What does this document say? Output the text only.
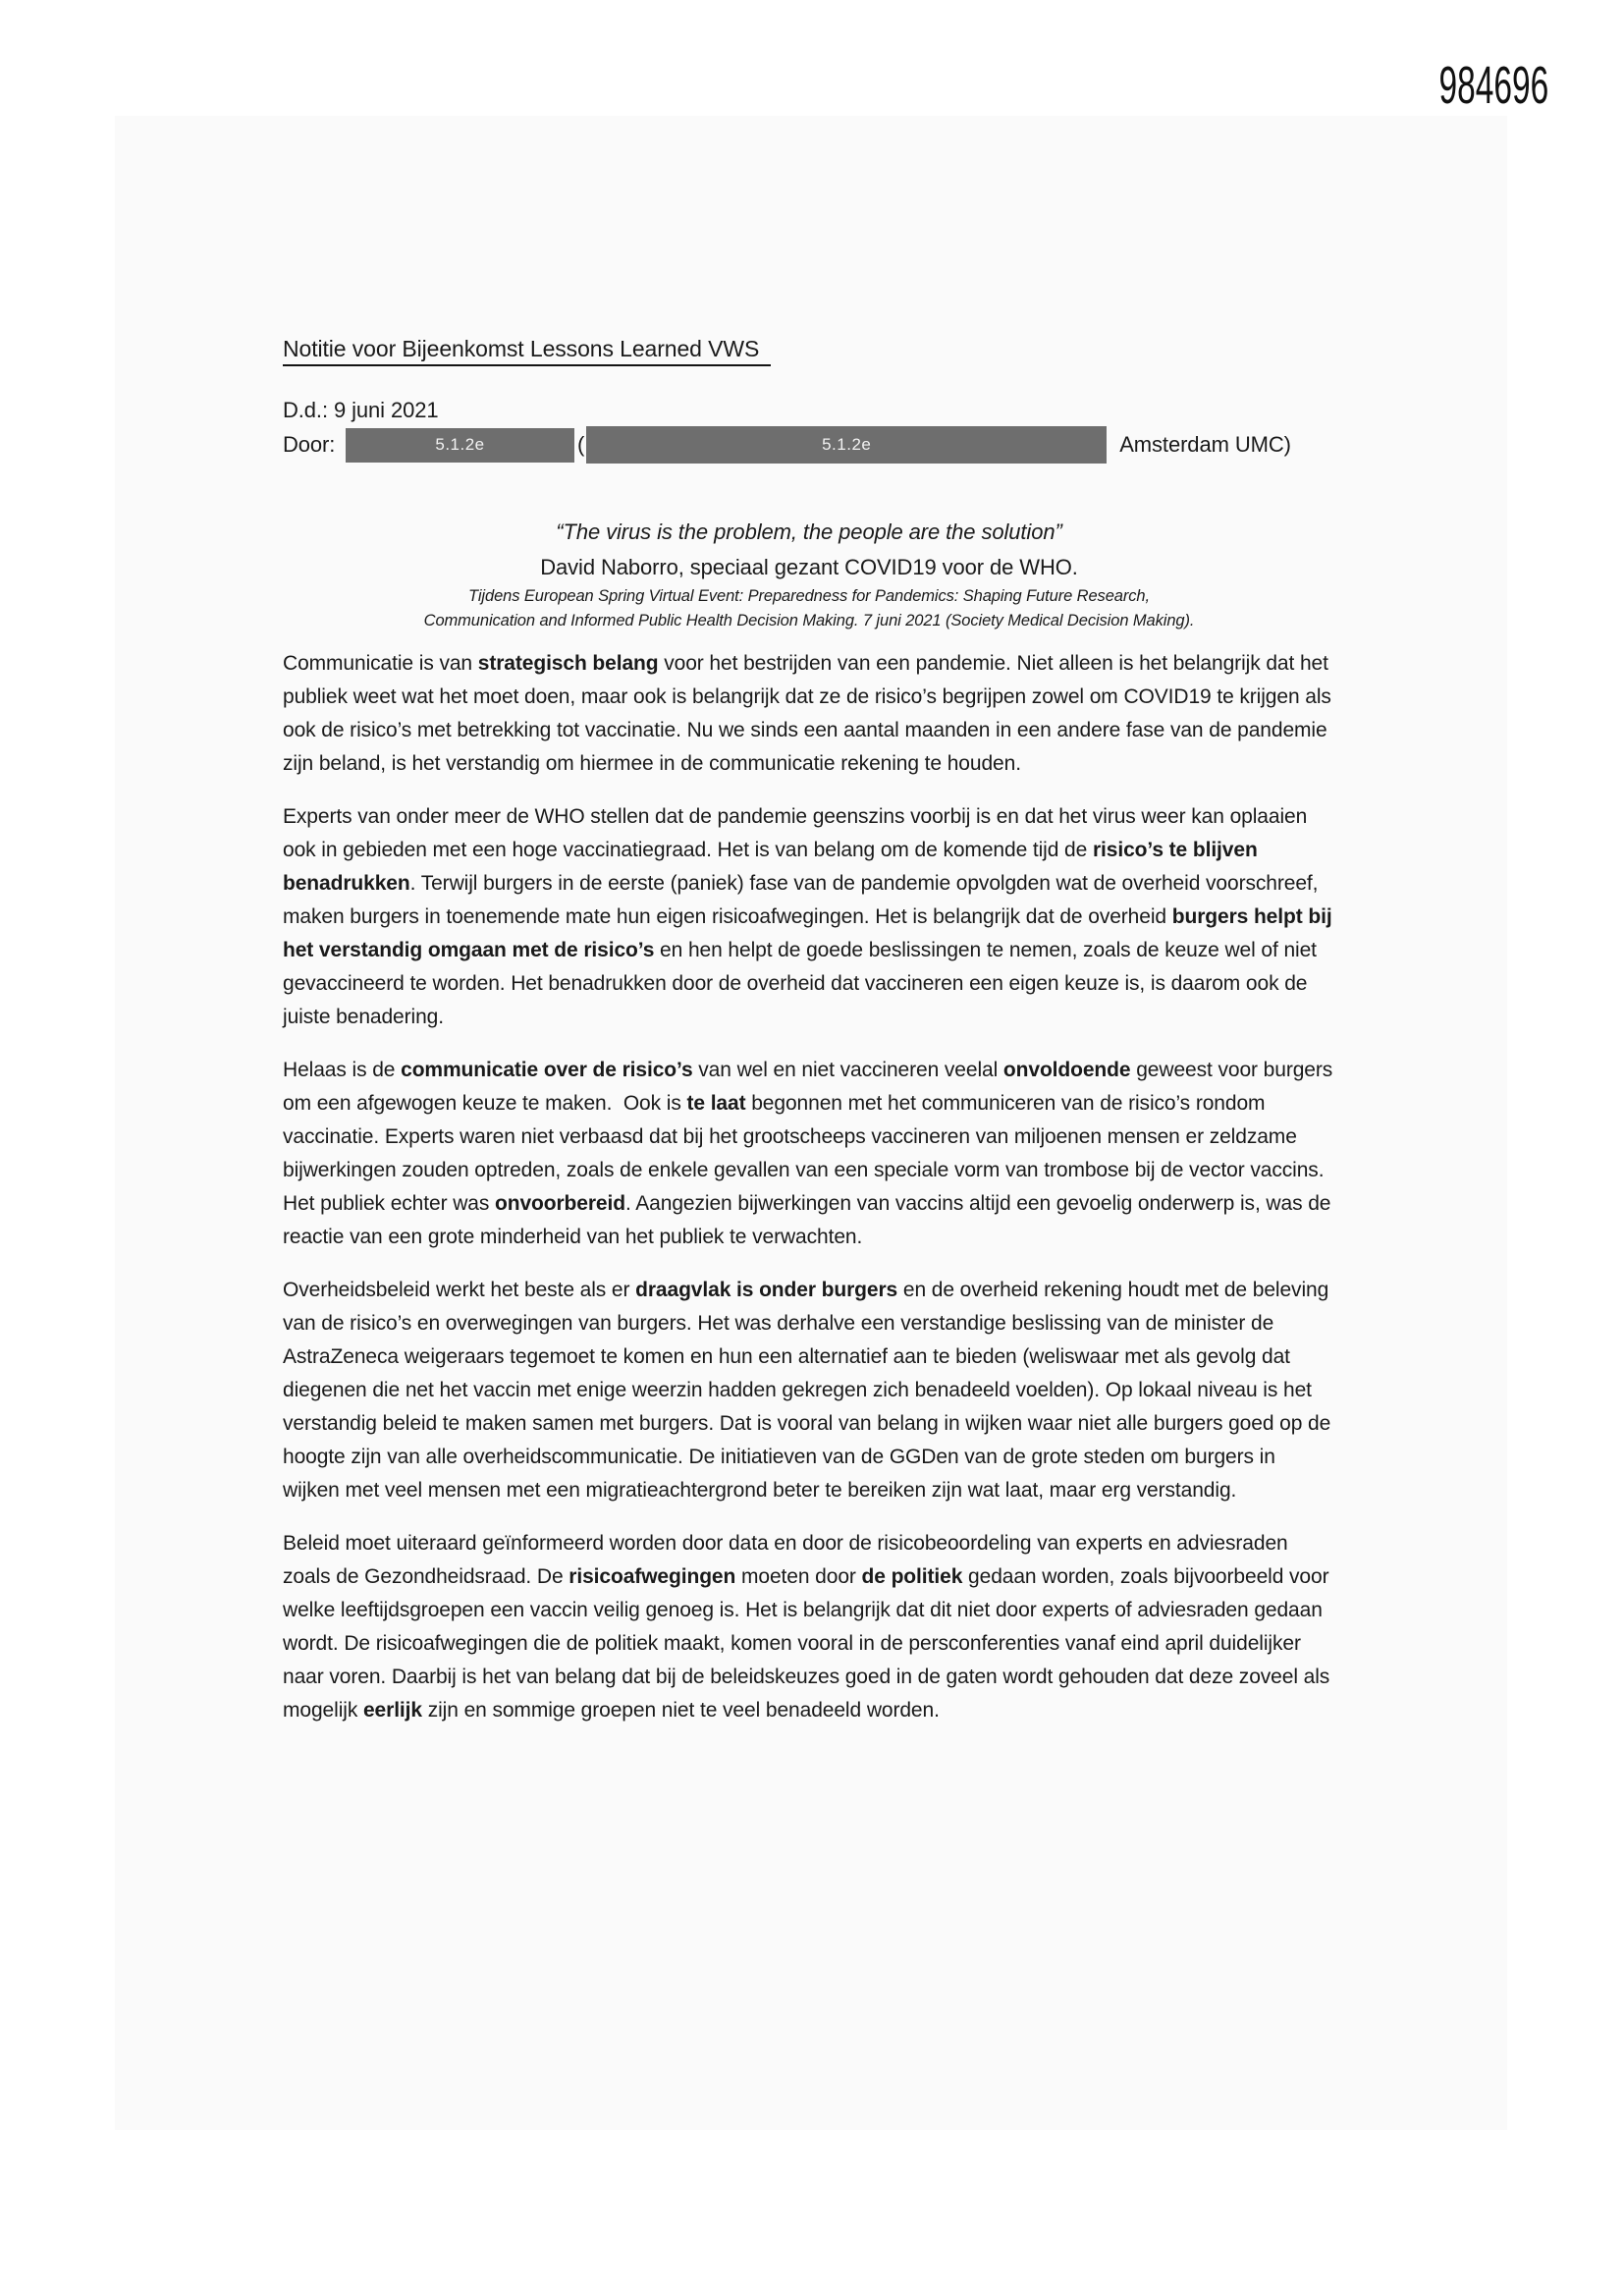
984696
Notitie voor Bijeenkomst Lessons Learned VWS
D.d.: 9 juni 2021
Door:	5.1.2e	(	5.1.2e	Amsterdam UMC)
“The virus is the problem, the people are the solution”
David Naborro, speciaal gezant COVID19 voor de WHO.
Tijdens European Spring Virtual Event: Preparedness for Pandemics: Shaping Future Research,
Communication and Informed Public Health Decision Making. 7 juni 2021 (Society Medical Decision Making).

Communicatie is van strategisch belang voor het bestrijden van een pandemie. Niet alleen is het belangrijk dat het publiek weet wat het moet doen, maar ook is belangrijk dat ze de risico’s begrijpen zowel om COVID19 te krijgen als ook de risico’s met betrekking tot vaccinatie. Nu we sinds een aantal maanden in een andere fase van de pandemie zijn beland, is het verstandig om hiermee in de communicatie rekening te houden.

Experts van onder meer de WHO stellen dat de pandemie geenszins voorbij is en dat het virus weer kan oplaaien ook in gebieden met een hoge vaccinatiegraad. Het is van belang om de komende tijd de risico’s te blijven benadrukken. Terwijl burgers in de eerste (paniek) fase van de pandemie opvolgden wat de overheid voorschreef, maken burgers in toenemende mate hun eigen risicoafwegingen. Het is belangrijk dat de overheid burgers helpt bij het verstandig omgaan met de risico’s en hen helpt de goede beslissingen te nemen, zoals de keuze wel of niet gevaccineerd te worden. Het benadrukken door de overheid dat vaccineren een eigen keuze is, is daarom ook de juiste benadering.

Helaas is de communicatie over de risico’s van wel en niet vaccineren veelal onvoldoende geweest voor burgers om een afgewogen keuze te maken.  Ook is te laat begonnen met het communiceren van de risico’s rondom vaccinatie. Experts waren niet verbaasd dat bij het grootscheeps vaccineren van miljoenen mensen er zeldzame bijwerkingen zouden optreden, zoals de enkele gevallen van een speciale vorm van trombose bij de vector vaccins. Het publiek echter was onvoorbereid. Aangezien bijwerkingen van vaccins altijd een gevoelig onderwerp is, was de reactie van een grote minderheid van het publiek te verwachten.

Overheidsbeleid werkt het beste als er draagvlak is onder burgers en de overheid rekening houdt met de beleving van de risico’s en overwegingen van burgers. Het was derhalve een verstandige beslissing van de minister de AstraZeneca weigeraars tegemoet te komen en hun een alternatief aan te bieden (weliswaar met als gevolg dat diegenen die net het vaccin met enige weerzin hadden gekregen zich benadeeld voelden). Op lokaal niveau is het verstandig beleid te maken samen met burgers. Dat is vooral van belang in wijken waar niet alle burgers goed op de hoogte zijn van alle overheidscommunicatie. De initiatieven van de GGDen van de grote steden om burgers in wijken met veel mensen met een migratieachtergrond beter te bereiken zijn wat laat, maar erg verstandig.

Beleid moet uiteraard geïnformeerd worden door data en door de risicobeoordeling van experts en adviesraden zoals de Gezondheidsraad. De risicoafwegingen moeten door de politiek gedaan worden, zoals bijvoorbeeld voor welke leeftijdsgroepen een vaccin veilig genoeg is. Het is belangrijk dat dit niet door experts of adviesraden gedaan wordt. De risicoafwegingen die de politiek maakt, komen vooral in de persconferenties vanaf eind april duidelijker naar voren. Daarbij is het van belang dat bij de beleidskeuzes goed in de gaten wordt gehouden dat deze zoveel als mogelijk eerlijk zijn en sommige groepen niet te veel benadeeld worden.
